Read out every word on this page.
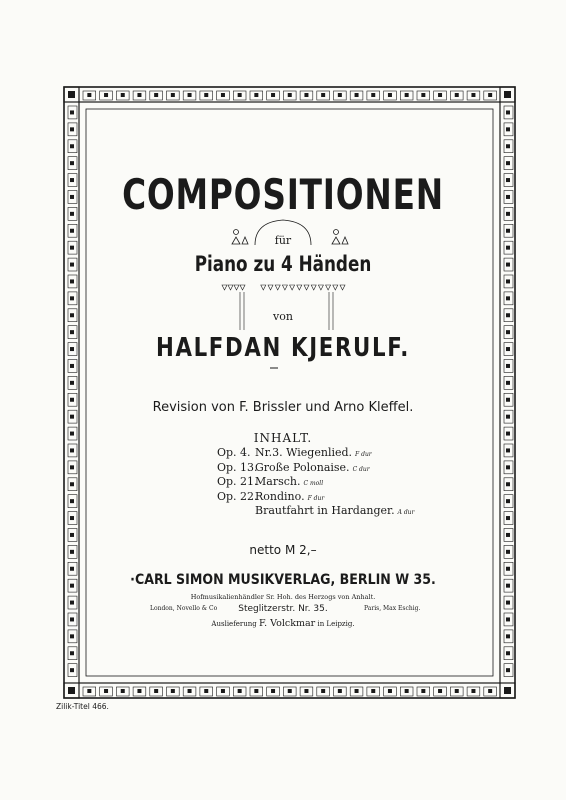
COMPOSITIONEN
für
Piano zu 4 Händen
von
HALFDAN KJERULF.
Revision von F. Brissler und Arno Kleffel.
INHALT.
Op. 4. Nr.3. Wiegenlied. F dur
Op. 13.Große Polonaise. C dur
Op. 21.Marsch. C moll
Op. 22.Rondino. F dur
Brautfahrt in Hardanger. A dur
netto M 2,–
·CARL SIMON MUSIKVERLAG, BERLIN W 35.
Hofmusikalienhändler Sr. Hoh. des Herzogs von Anhalt.
Steglitzerstr. Nr. 35.
London, Novello & Co	Paris, Max Eschig.
Auslieferung F. Volckmar in Leipzig.
Zilik-Titel 466.
